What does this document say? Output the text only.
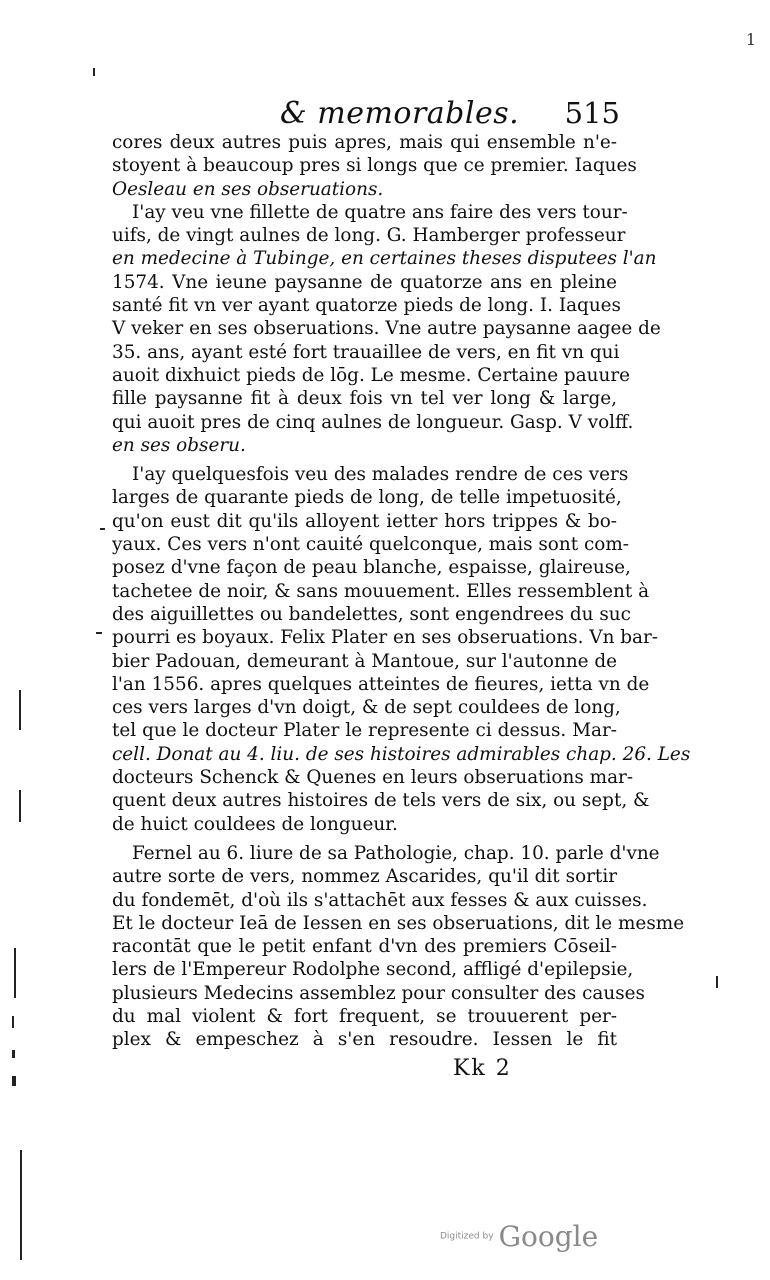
1
& memorables. 515
cores deux autres puis apres, mais qui ensemble n'e-
stoyent à beaucoup pres si longs que ce premier. Iaques
Oesleau en ses obseruations.
I'ay veu vne fillette de quatre ans faire des vers tour-
uifs, de vingt aulnes de long. G. Hamberger professeur
en medecine à Tubinge, en certaines theses disputees l'an
1574. Vne ieune paysanne de quatorze ans en pleine
santé fit vn ver ayant quatorze pieds de long. I. Iaques
V veker en ses obseruations. Vne autre paysanne aagee de
35. ans, ayant esté fort trauaillee de vers, en fit vn qui
auoit dixhuict pieds de lōg. Le mesme. Certaine pauure
fille paysanne fit à deux fois vn tel ver long & large,
qui auoit pres de cinq aulnes de longueur. Gasp. V volff.
en ses obseru.
I'ay quelquesfois veu des malades rendre de ces vers
larges de quarante pieds de long, de telle impetuosité,
qu'on eust dit qu'ils alloyent ietter hors trippes & bo-
yaux. Ces vers n'ont cauité quelconque, mais sont com-
posez d'vne façon de peau blanche, espaisse, glaireuse,
tachetee de noir, & sans mouuement. Elles ressemblent à
des aiguillettes ou bandelettes, sont engendrees du suc
pourri es boyaux. Felix Plater en ses obseruations. Vn bar-
bier Padouan, demeurant à Mantoue, sur l'autonne de
l'an 1556. apres quelques atteintes de fieures, ietta vn de
ces vers larges d'vn doigt, & de sept couldees de long,
tel que le docteur Plater le represente ci dessus. Mar-
cell. Donat au 4. liu. de ses histoires admirables chap. 26. Les
docteurs Schenck & Quenes en leurs obseruations mar-
quent deux autres histoires de tels vers de six, ou sept, &
de huict couldees de longueur.
Fernel au 6. liure de sa Pathologie, chap. 10. parle d'vne
autre sorte de vers, nommez Ascarides, qu'il dit sortir
du fondemēt, d'où ils s'attachēt aux fesses & aux cuisses.
Et le docteur Ieā de Iessen en ses obseruations, dit le mesme
racontāt que le petit enfant d'vn des premiers Cōseil-
lers de l'Empereur Rodolphe second, affligé d'epilepsie,
plusieurs Medecins assemblez pour consulter des causes
du mal violent & fort frequent, se trouuerent per-
plex & empeschez à s'en resoudre. Iessen le fit
Kk 2
Digitized by Google
